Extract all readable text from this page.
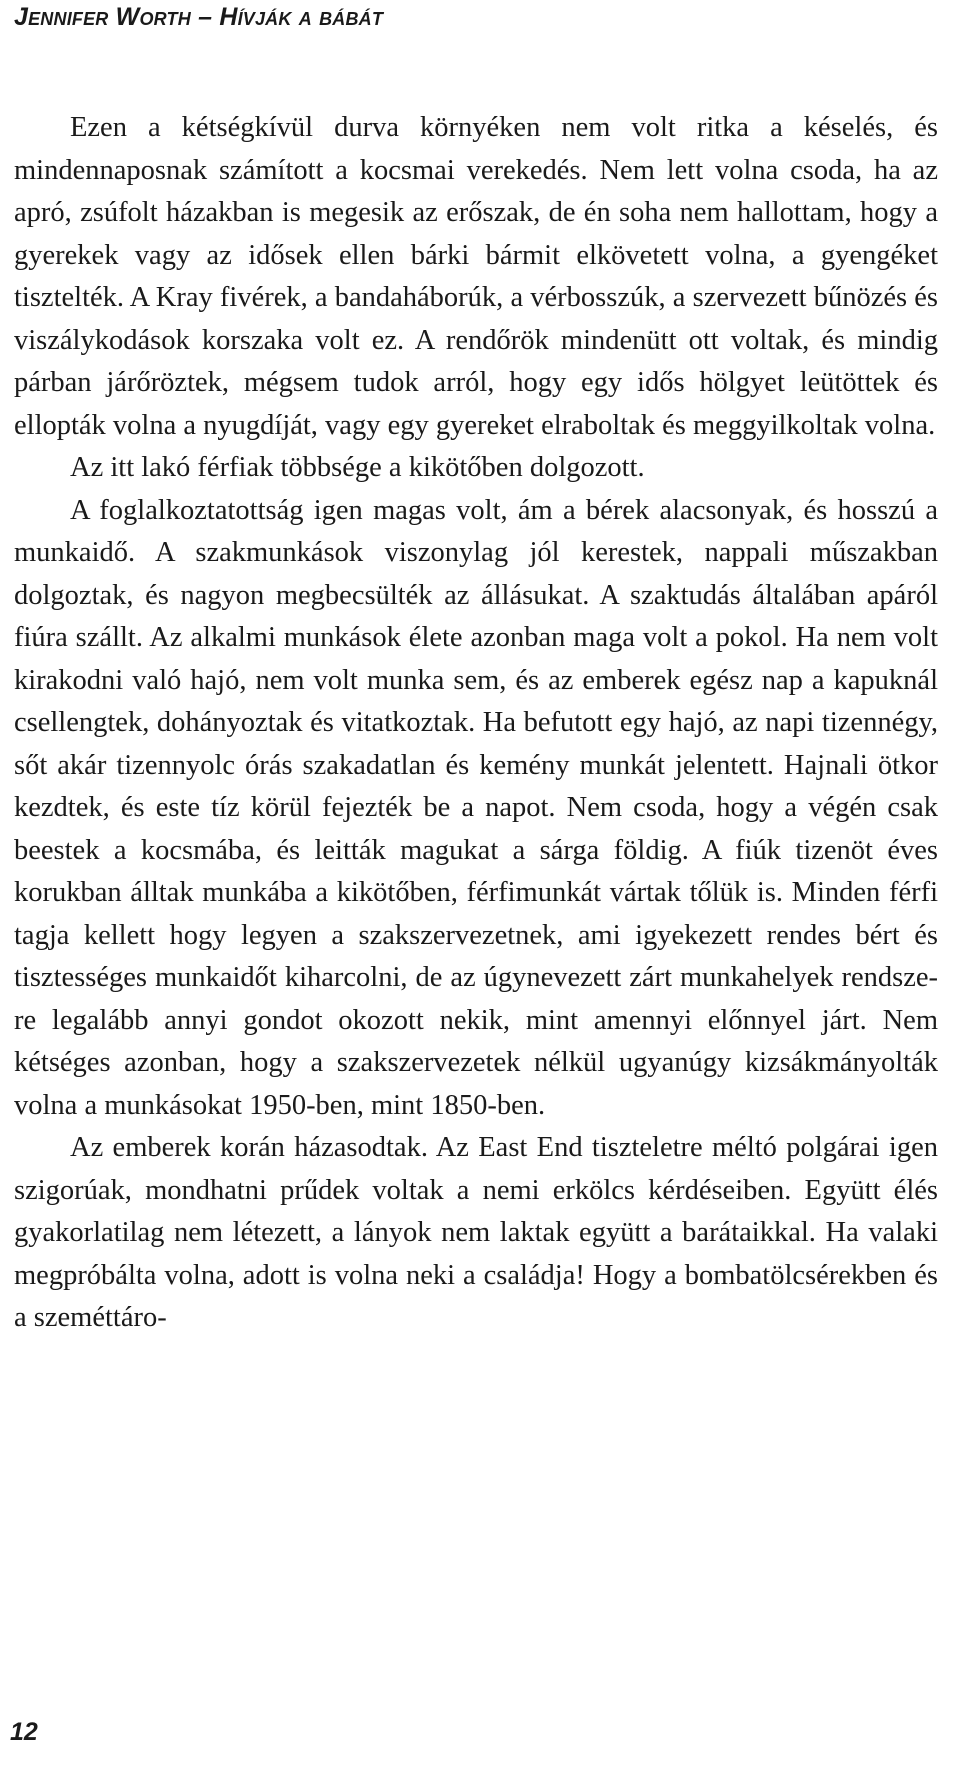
Jennifer Worth – Hívják a bábát

Ezen a kétségkívül durva környéken nem volt ritka a késelés, és mindennaposnak számított a kocsmai verekedés. Nem lett volna csoda, ha az apró, zsúfolt házakban is megesik az erőszak, de én soha nem hallottam, hogy a gyerekek vagy az idősek ellen bárki bármit elkövetett volna, a gyengéket tisztelték. A Kray fivérek, a bandaháborúk, a vérbosszúk, a szervezett bűnözés és viszálykodások korszaka volt ez. A rendőrök mindenütt ott voltak, és mindig párban járőröztek, mégsem tudok arról, hogy egy idős hölgyet leütöttek és ellopták volna a nyugdíját, vagy egy gyereket elraboltak és meggyilkoltak volna.

Az itt lakó férfiak többsége a kikötőben dolgozott.

A foglalkoztatottság igen magas volt, ám a bérek alacsonyak, és hosszú a munkaidő. A szakmunkások viszonylag jól kerestek, nappali műszakban dolgoztak, és nagyon megbecsülték az állásukat. A szaktudás általában apáról fiúra szállt. Az alkalmi munkások élete azonban maga volt a pokol. Ha nem volt kirakodni való hajó, nem volt munka sem, és az emberek egész nap a kapuknál csellengtek, dohányoztak és vitatkoztak. Ha befutott egy hajó, az napi tizennégy, sőt akár tizennyolc órás szakadatlan és kemény munkát jelentett. Hajnali ötkor kezdtek, és este tíz körül fejezték be a napot. Nem csoda, hogy a végén csak beestek a kocsmába, és leitták magukat a sárga földig. A fiúk tizenöt éves korukban álltak munkába a kikötőben, férfimunkát vártak tőlük is. Minden férfi tagja kellett hogy legyen a szakszervezetnek, ami igyekezett rendes bért és tisztességes munkaidőt kiharcolni, de az úgynevezett zárt munkahelyek rendszere legalább annyi gondot okozott nekik, mint amennyi előnnyel járt. Nem kétséges azonban, hogy a szakszervezetek nélkül ugyanúgy kizsákmányolták volna a munkásokat 1950-ben, mint 1850-ben.

Az emberek korán házasodtak. Az East End tiszteletre méltó polgárai igen szigorúak, mondhatni prűdek voltak a nemi erkölcs kérdéseiben. Együtt élés gyakorlatilag nem létezett, a lányok nem laktak együtt a barátaikkal. Ha valaki megpróbálta volna, adott is volna neki a családja! Hogy a bombatölcsérekben és a szeméttáro-

12
